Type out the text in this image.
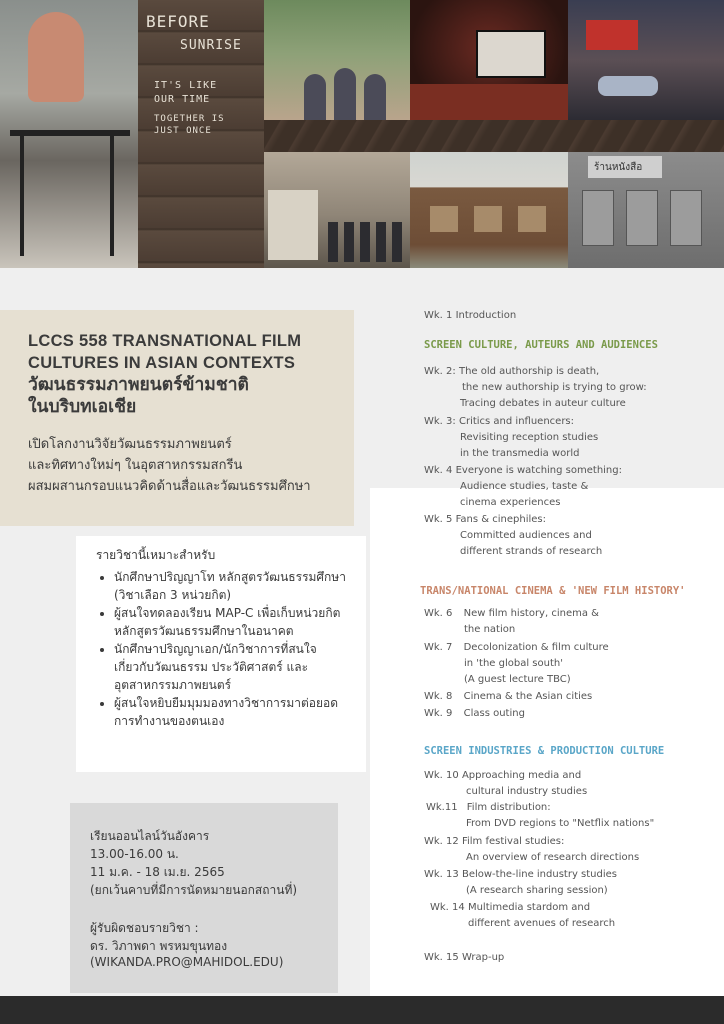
BEFORE
SUNRISE
IT'S LIKE
OUR TIME
TOGETHER IS
JUST ONCE
ร้านหนังสือ
LCCS 558 TRANSNATIONAL FILM
CULTURES IN ASIAN CONTEXTS
วัฒนธรรมภาพยนตร์ข้ามชาติ
ในบริบทเอเชีย
เปิดโลกงานวิจัยวัฒนธรรมภาพยนตร์
และทิศทางใหม่ๆ ในอุตสาหกรรมสกรีน
ผสมผสานกรอบแนวคิดด้านสื่อและวัฒนธรรมศึกษา
รายวิชานี้เหมาะสำหรับ
• นักศึกษาปริญญาโท หลักสูตรวัฒนธรรมศึกษา
(วิชาเลือก 3 หน่วยกิต)
• ผู้สนใจทดลองเรียน MAP-C เพื่อเก็บหน่วยกิต
หลักสูตรวัฒนธรรมศึกษาในอนาคต
• นักศึกษาปริญญาเอก/นักวิชาการที่สนใจ
เกี่ยวกับวัฒนธรรม ประวัติศาสตร์ และ
อุตสาหกรรมภาพยนตร์
• ผู้สนใจหยิบยืมมุมมองทางวิชาการมาต่อยอด
การทำงานของตนเอง
เรียนออนไลน์วันอังคาร
13.00-16.00 น.
11 ม.ค. - 18 เม.ย. 2565
(ยกเว้นคาบที่มีการนัดหมายนอกสถานที่)
ผู้รับผิดชอบรายวิชา :
ดร. วิภาพดา พรหมขุนทอง
(WIKANDA.PRO@MAHIDOL.EDU)
Wk. 1 Introduction
SCREEN CULTURE, AUTEURS AND AUDIENCES
Wk. 2: The old authorship is death,
the new authorship is trying to grow:
Tracing debates in auteur culture
Wk. 3: Critics and influencers:
Revisiting reception studies
in the transmedia world
Wk. 4 Everyone is watching something:
Audience studies, taste &
cinema experiences
Wk. 5 Fans & cinephiles:
Committed audiences and
different strands of research
TRANS/NATIONAL CINEMA & 'NEW FILM HISTORY'
Wk. 6 New film history, cinema &
the nation
Wk. 7 Decolonization & film culture
in 'the global south'
(A guest lecture TBC)
Wk. 8 Cinema & the Asian cities
Wk. 9 Class outing
SCREEN INDUSTRIES & PRODUCTION CULTURE
Wk. 10 Approaching media and
cultural industry studies
Wk.11 Film distribution:
From DVD regions to "Netflix nations"
Wk. 12 Film festival studies:
An overview of research directions
Wk. 13 Below-the-line industry studies
(A research sharing session)
Wk. 14 Multimedia stardom and
different avenues of research
Wk. 15 Wrap-up
